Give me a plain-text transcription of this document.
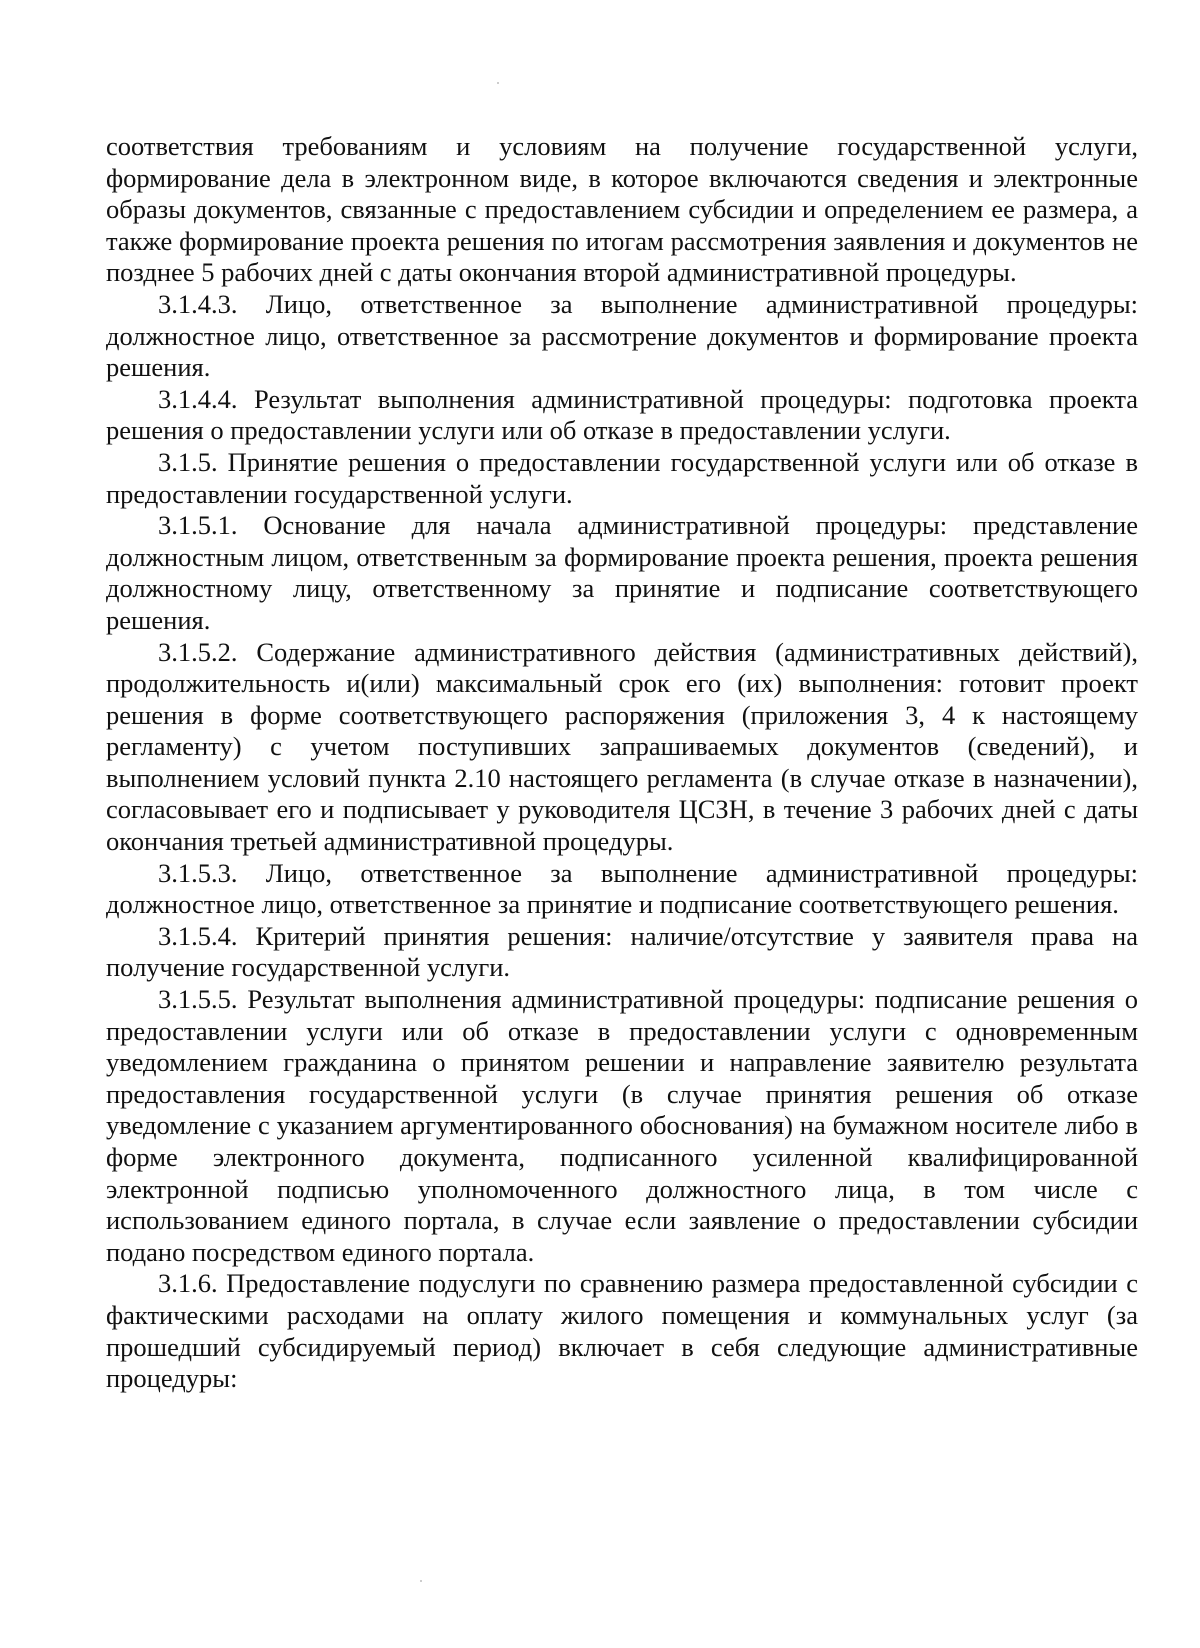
соответствия требованиям и условиям на получение государственной услуги, формирование дела в электронном виде, в которое включаются сведения и электронные образы документов, связанные с предоставлением субсидии и определением ее размера, а также формирование проекта решения по итогам рассмотрения заявления и документов не позднее 5 рабочих дней с даты окончания второй административной процедуры.

3.1.4.3. Лицо, ответственное за выполнение административной процедуры: должностное лицо, ответственное за рассмотрение документов и формирование проекта решения.

3.1.4.4. Результат выполнения административной процедуры: подготовка проекта решения о предоставлении услуги или об отказе в предоставлении услуги.

3.1.5. Принятие решения о предоставлении государственной услуги или об отказе в предоставлении государственной услуги.

3.1.5.1. Основание для начала административной процедуры: представление должностным лицом, ответственным за формирование проекта решения, проекта решения должностному лицу, ответственному за принятие и подписание соответствующего решения.

3.1.5.2. Содержание административного действия (административных действий), продолжительность и(или) максимальный срок его (их) выполнения: готовит проект решения в форме соответствующего распоряжения (приложения 3, 4 к настоящему регламенту) с учетом поступивших запрашиваемых документов (сведений), и выполнением условий пункта 2.10 настоящего регламента (в случае отказе в назначении), согласовывает его и подписывает у руководителя ЦСЗН, в течение 3 рабочих дней с даты окончания третьей административной процедуры.

3.1.5.3. Лицо, ответственное за выполнение административной процедуры: должностное лицо, ответственное за принятие и подписание соответствующего решения.

3.1.5.4. Критерий принятия решения: наличие/отсутствие у заявителя права на получение государственной услуги.

3.1.5.5. Результат выполнения административной процедуры: подписание решения о предоставлении услуги или об отказе в предоставлении услуги с одновременным уведомлением гражданина о принятом решении и направление заявителю результата предоставления государственной услуги (в случае принятия решения об отказе уведомление с указанием аргументированного обоснования) на бумажном носителе либо в форме электронного документа, подписанного усиленной квалифицированной электронной подписью уполномоченного должностного лица, в том числе с использованием единого портала, в случае если заявление о предоставлении субсидии подано посредством единого портала.

3.1.6. Предоставление подуслуги по сравнению размера предоставленной субсидии с фактическими расходами на оплату жилого помещения и коммунальных услуг (за прошедший субсидируемый период) включает в себя следующие административные процедуры:
